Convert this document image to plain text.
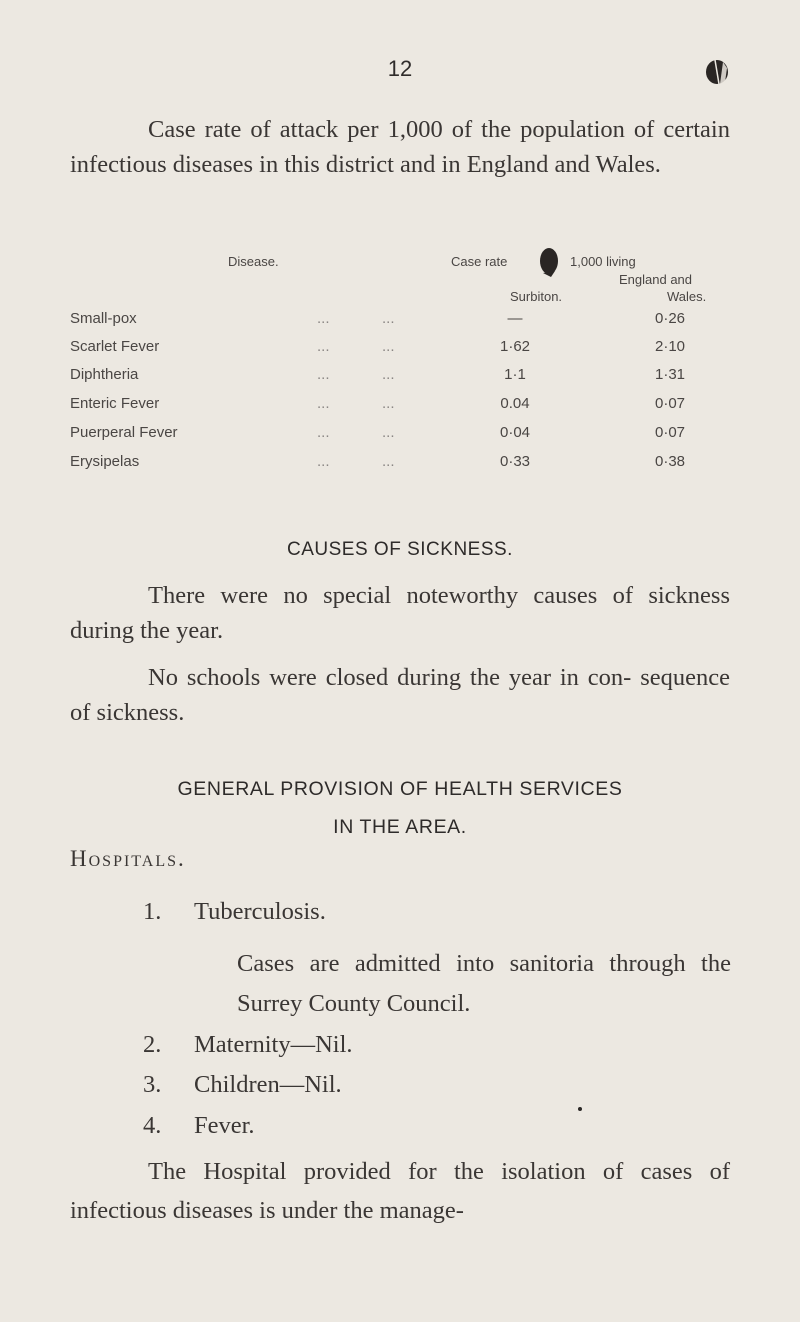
12

Case rate of attack per 1,000 of the population of certain infectious diseases in this district and in England and Wales.

Disease.	Case rate	1,000 living
England and
Surbiton.	Wales.
Small-pox	...	...	—	0·26
Scarlet Fever	...	...	1·62	2·10
Diphtheria	...	...	1·1	1·31
Enteric Fever	...	...	0.04	0·07
Puerperal Fever	...	...	0·04	0·07
Erysipelas	...	...	0·33	0·38
CAUSES OF SICKNESS.

There were no special noteworthy causes of sickness during the year.

No schools were closed during the year in con- sequence of sickness.

GENERAL PROVISION OF HEALTH SERVICES
IN THE AREA.
Hospitals.
1. Tuberculosis.

Cases are admitted into sanitoria through the Surrey County Council.

2. Maternity—Nil.
3. Children—Nil.
4. Fever.

The Hospital provided for the isolation of cases of infectious diseases is under the manage-
